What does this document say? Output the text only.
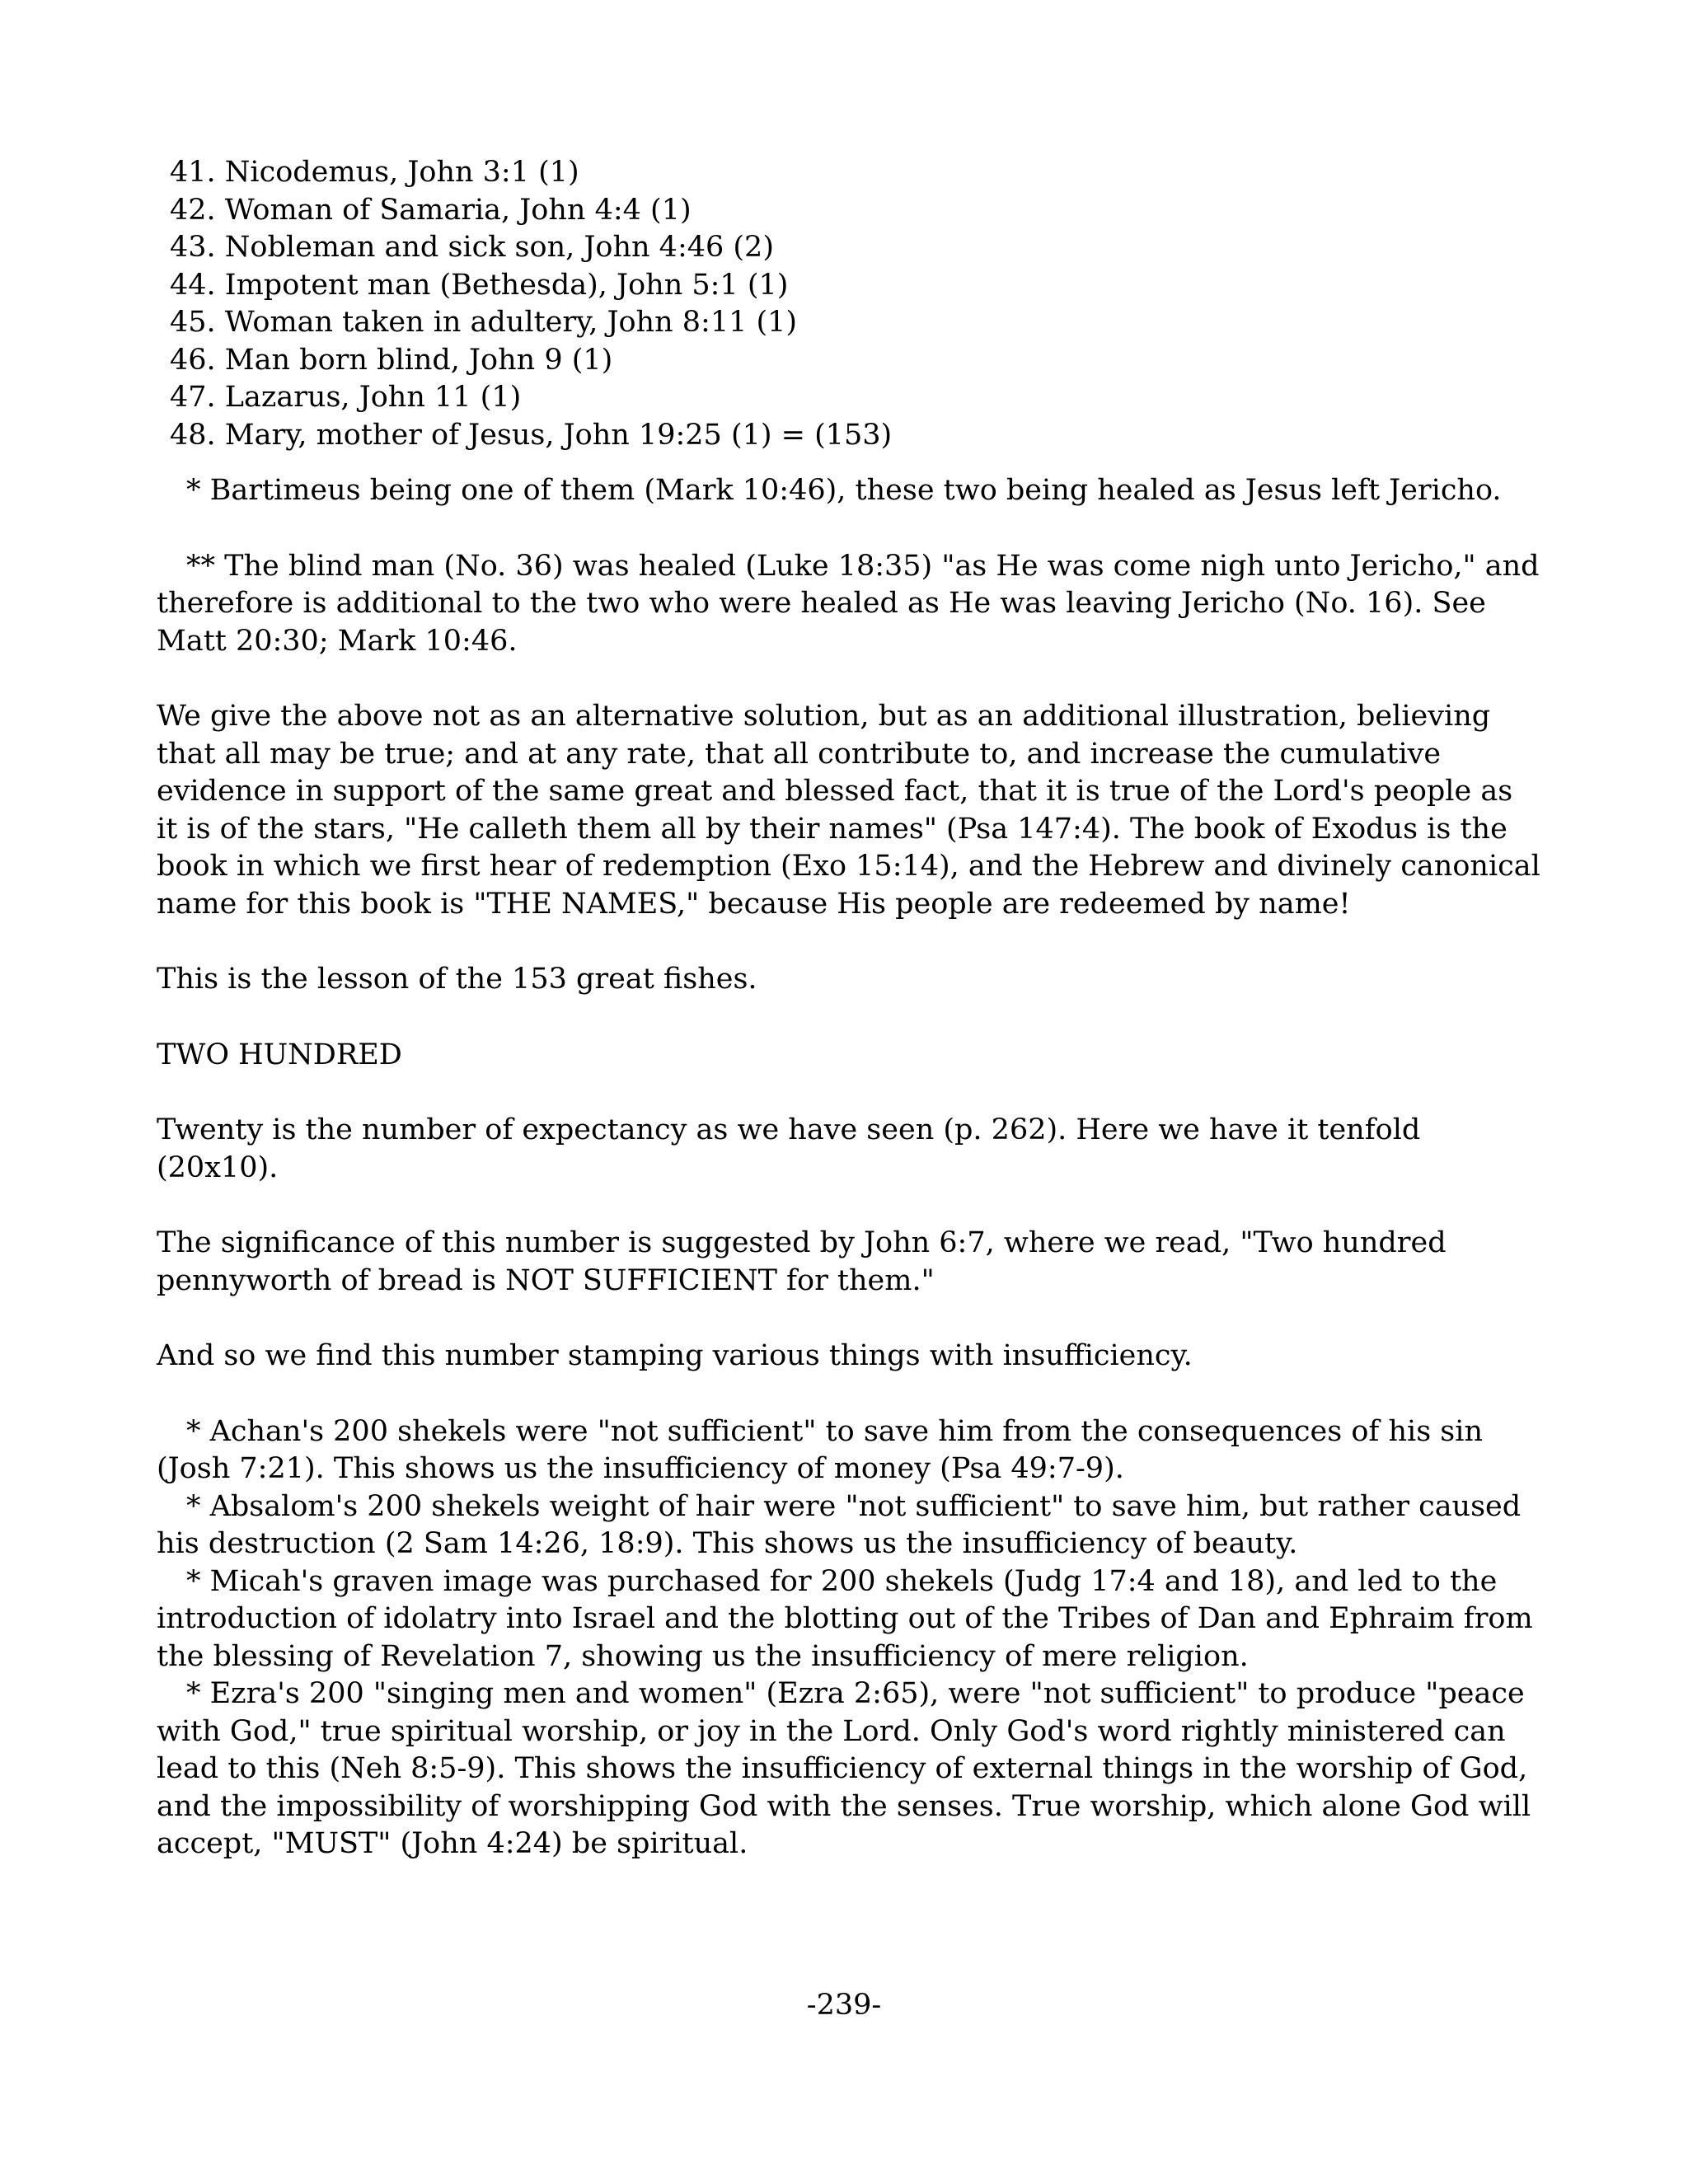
41. Nicodemus, John 3:1 (1)
42. Woman of Samaria, John 4:4 (1)
43. Nobleman and sick son, John 4:46 (2)
44. Impotent man (Bethesda), John 5:1 (1)
45. Woman taken in adultery, John 8:11 (1)
46. Man born blind, John 9 (1)
47. Lazarus, John 11 (1)
48. Mary, mother of Jesus, John 19:25 (1) = (153)
* Bartimeus being one of them (Mark 10:46), these two being healed as Jesus left Jericho.
** The blind man (No. 36) was healed (Luke 18:35) "as He was come nigh unto Jericho," and therefore is additional to the two who were healed as He was leaving Jericho (No. 16). See Matt 20:30; Mark 10:46.

We give the above not as an alternative solution, but as an additional illustration, believing that all may be true; and at any rate, that all contribute to, and increase the cumulative evidence in support of the same great and blessed fact, that it is true of the Lord's people as it is of the stars, "He calleth them all by their names" (Psa 147:4). The book of Exodus is the book in which we first hear of redemption (Exo 15:14), and the Hebrew and divinely canonical name for this book is "THE NAMES," because His people are redeemed by name!

This is the lesson of the 153 great fishes.

TWO HUNDRED

Twenty is the number of expectancy as we have seen (p. 262). Here we have it tenfold (20x10).

The significance of this number is suggested by John 6:7, where we read, "Two hundred pennyworth of bread is NOT SUFFICIENT for them."

And so we find this number stamping various things with insufficiency.

* Achan's 200 shekels were "not sufficient" to save him from the consequences of his sin (Josh 7:21). This shows us the insufficiency of money (Psa 49:7-9).
* Absalom's 200 shekels weight of hair were "not sufficient" to save him, but rather caused his destruction (2 Sam 14:26, 18:9). This shows us the insufficiency of beauty.
* Micah's graven image was purchased for 200 shekels (Judg 17:4 and 18), and led to the introduction of idolatry into Israel and the blotting out of the Tribes of Dan and Ephraim from the blessing of Revelation 7, showing us the insufficiency of mere religion.
* Ezra's 200 "singing men and women" (Ezra 2:65), were "not sufficient" to produce "peace with God," true spiritual worship, or joy in the Lord. Only God's word rightly ministered can lead to this (Neh 8:5-9). This shows the insufficiency of external things in the worship of God, and the impossibility of worshipping God with the senses. True worship, which alone God will accept, "MUST" (John 4:24) be spiritual.
-239-
